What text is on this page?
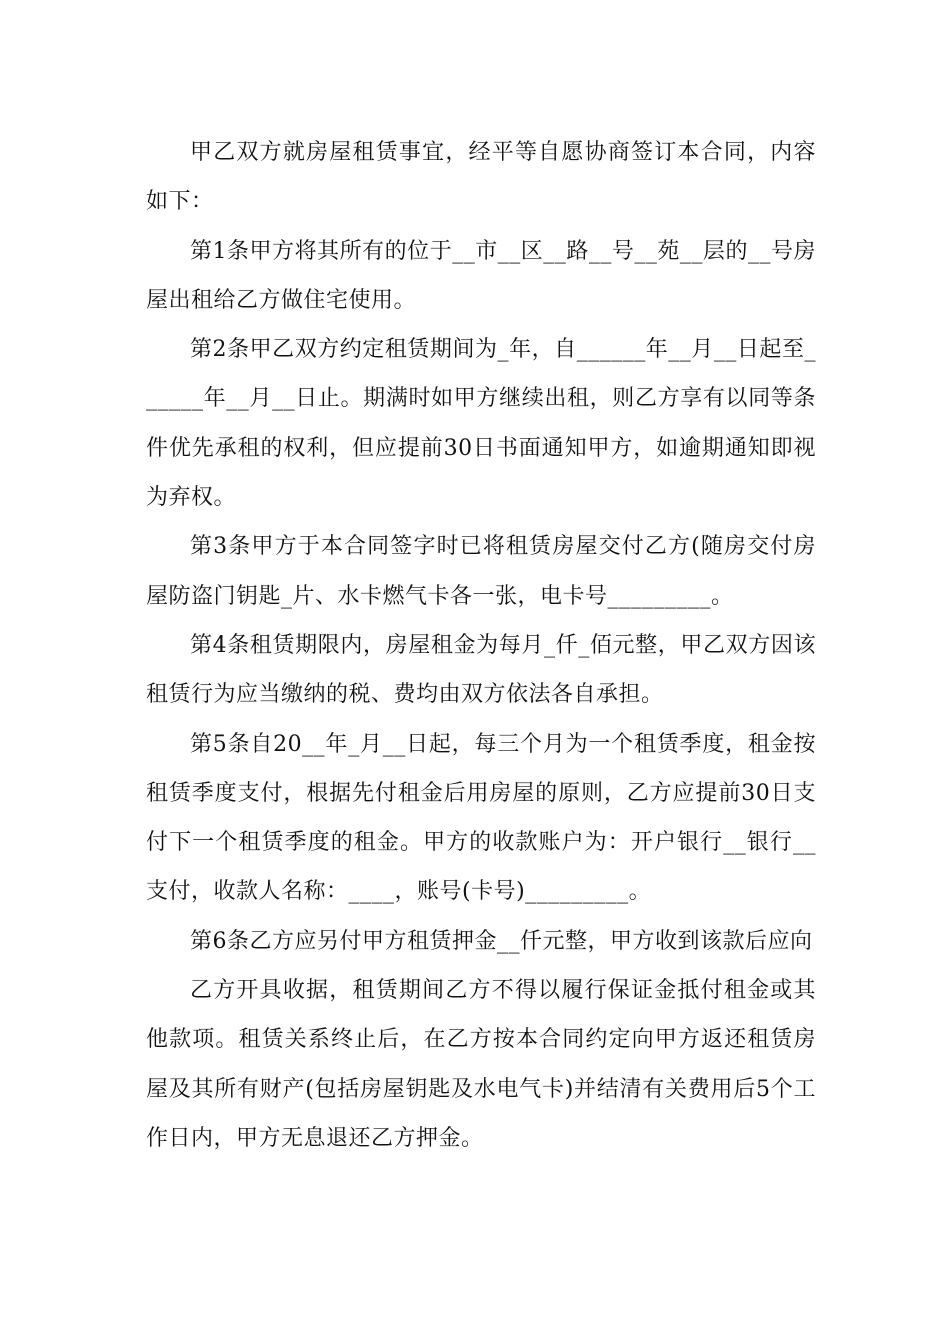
甲乙双方就房屋租赁事宜，经平等自愿协商签订本合同，内容如下：

第1条甲方将其所有的位于__市__区__路__号__苑__层的__号房屋出租给乙方做住宅使用。

第2条甲乙双方约定租赁期间为_年，自______年__月__日起至______年__月__日止。期满时如甲方继续出租，则乙方享有以同等条件优先承租的权利，但应提前30日书面通知甲方，如逾期通知即视为弃权。

第3条甲方于本合同签字时已将租赁房屋交付乙方(随房交付房屋防盗门钥匙_片、水卡燃气卡各一张，电卡号_________。

第4条租赁期限内，房屋租金为每月_仟_佰元整，甲乙双方因该租赁行为应当缴纳的税、费均由双方依法各自承担。

第5条自20__年_月__日起，每三个月为一个租赁季度，租金按租赁季度支付，根据先付租金后用房屋的原则，乙方应提前30日支付下一个租赁季度的租金。甲方的收款账户为：开户银行__银行__支付，收款人名称：____，账号(卡号)_________。

第6条乙方应另付甲方租赁押金__仟元整，甲方收到该款后应向

乙方开具收据，租赁期间乙方不得以履行保证金抵付租金或其他款项。租赁关系终止后，在乙方按本合同约定向甲方返还租赁房屋及其所有财产(包括房屋钥匙及水电气卡)并结清有关费用后5个工作日内，甲方无息退还乙方押金。
